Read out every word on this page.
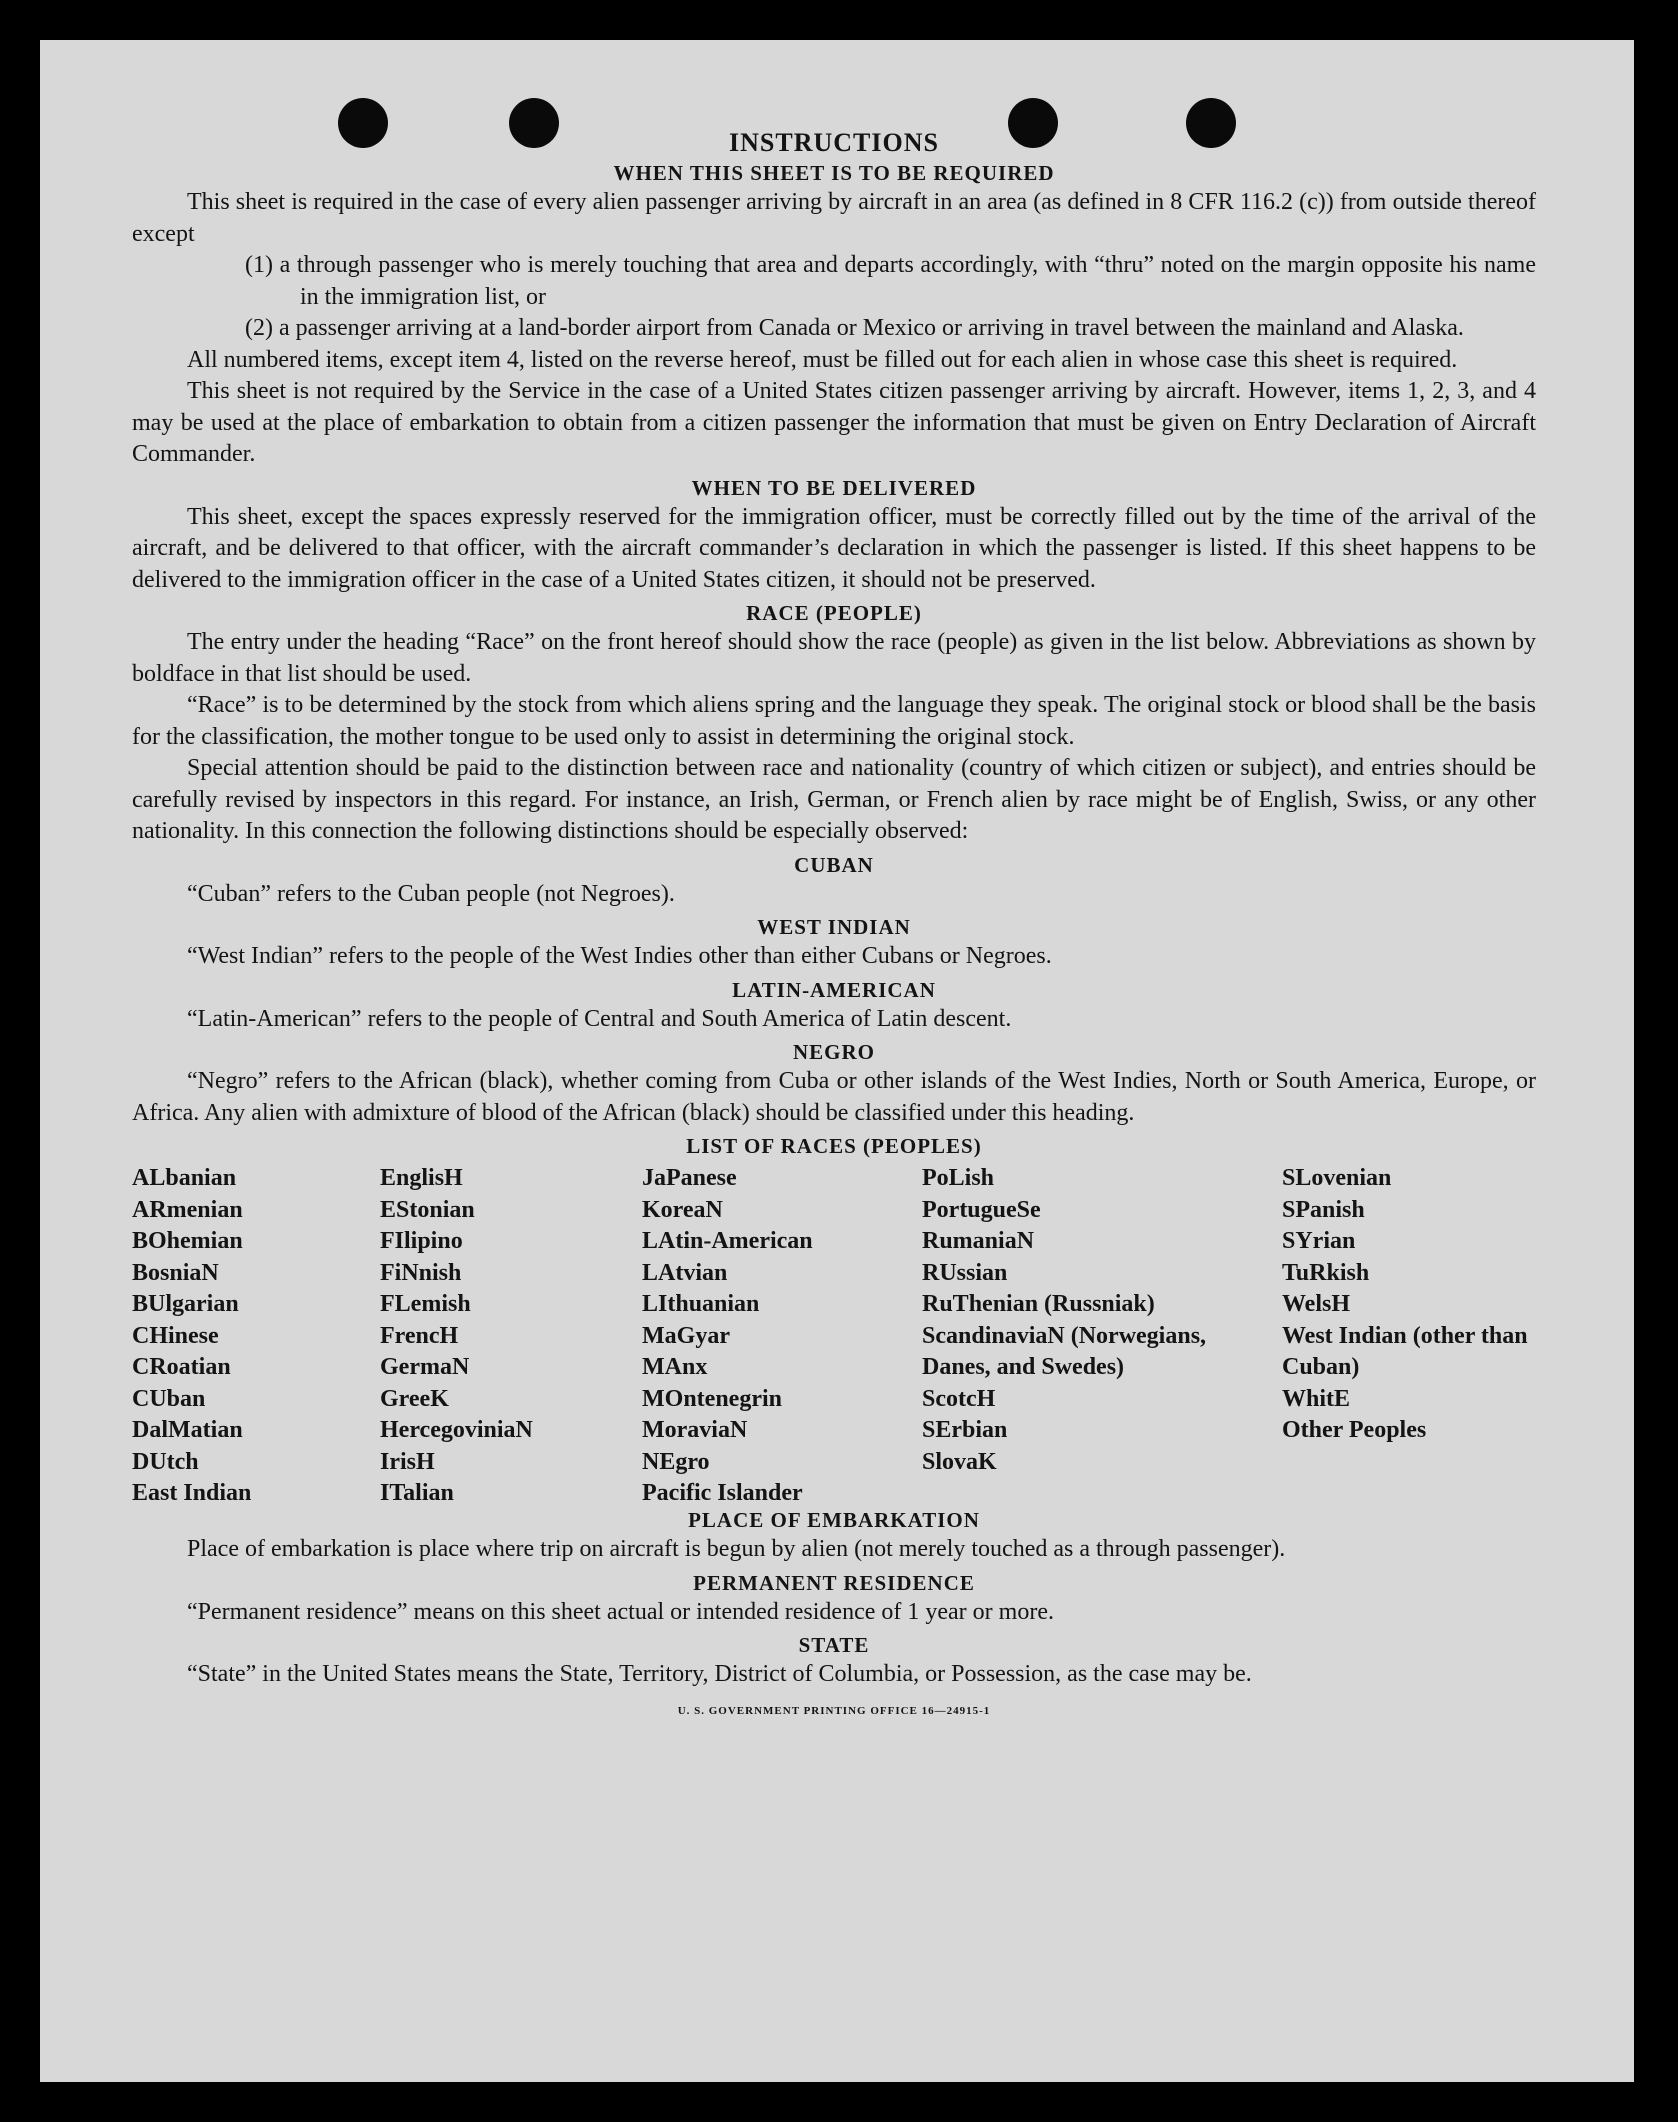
INSTRUCTIONS
WHEN THIS SHEET IS TO BE REQUIRED

This sheet is required in the case of every alien passenger arriving by aircraft in an area (as defined in 8 CFR 116.2 (c)) from outside thereof except

(1) a through passenger who is merely touching that area and departs accordingly, with “thru” noted on the margin opposite his name in the immigration list, or

(2) a passenger arriving at a land-border airport from Canada or Mexico or arriving in travel between the mainland and Alaska.

All numbered items, except item 4, listed on the reverse hereof, must be filled out for each alien in whose case this sheet is required.

This sheet is not required by the Service in the case of a United States citizen passenger arriving by aircraft. However, items 1, 2, 3, and 4 may be used at the place of embarkation to obtain from a citizen passenger the information that must be given on Entry Declaration of Aircraft Commander.

WHEN TO BE DELIVERED

This sheet, except the spaces expressly reserved for the immigration officer, must be correctly filled out by the time of the arrival of the aircraft, and be delivered to that officer, with the aircraft commander’s declaration in which the passenger is listed. If this sheet happens to be delivered to the immigration officer in the case of a United States citizen, it should not be preserved.

RACE (PEOPLE)

The entry under the heading “Race” on the front hereof should show the race (people) as given in the list below. Abbreviations as shown by boldface in that list should be used.

“Race” is to be determined by the stock from which aliens spring and the language they speak. The original stock or blood shall be the basis for the classification, the mother tongue to be used only to assist in determining the original stock.

Special attention should be paid to the distinction between race and nationality (country of which citizen or subject), and entries should be carefully revised by inspectors in this regard. For instance, an Irish, German, or French alien by race might be of English, Swiss, or any other nationality. In this connection the following distinctions should be especially observed:

CUBAN

“Cuban” refers to the Cuban people (not Negroes).

WEST INDIAN

“West Indian” refers to the people of the West Indies other than either Cubans or Negroes.

LATIN-AMERICAN

“Latin-American” refers to the people of Central and South America of Latin descent.

NEGRO

“Negro” refers to the African (black), whether coming from Cuba or other islands of the West Indies, North or South America, Europe, or Africa. Any alien with admixture of blood of the African (black) should be classified under this heading.

LIST OF RACES (PEOPLES)
ALbanian
ARmenian
BOhemian
BosniaN
BUlgarian
CHinese
CRoatian
CUban
DalMatian
DUtch
East Indian
EnglisH
EStonian
FIlipino
FiNnish
FLemish
FrencH
GermaN
GreeK
HercegoviniaN
IrisH
ITalian
JaPanese
KoreaN
LAtin-American
LAtvian
LIthuanian
MaGyar
MAnx
MOntenegrin
MoraviaN
NEgro
Pacific Islander
PoLish
PortugueSe
RumaniaN
RUssian
RuThenian (Russniak)
ScandinaviaN (Norwegians, Danes, and Swedes)
ScotcH
SErbian
SlovaK
SLovenian
SPanish
SYrian
TuRkish
WelsH
West Indian (other than Cuban)
WhitE
Other Peoples
PLACE OF EMBARKATION

Place of embarkation is place where trip on aircraft is begun by alien (not merely touched as a through passenger).

PERMANENT RESIDENCE

“Permanent residence” means on this sheet actual or intended residence of 1 year or more.

STATE

“State” in the United States means the State, Territory, District of Columbia, or Possession, as the case may be.

U. S. GOVERNMENT PRINTING OFFICE 16—24915-1
